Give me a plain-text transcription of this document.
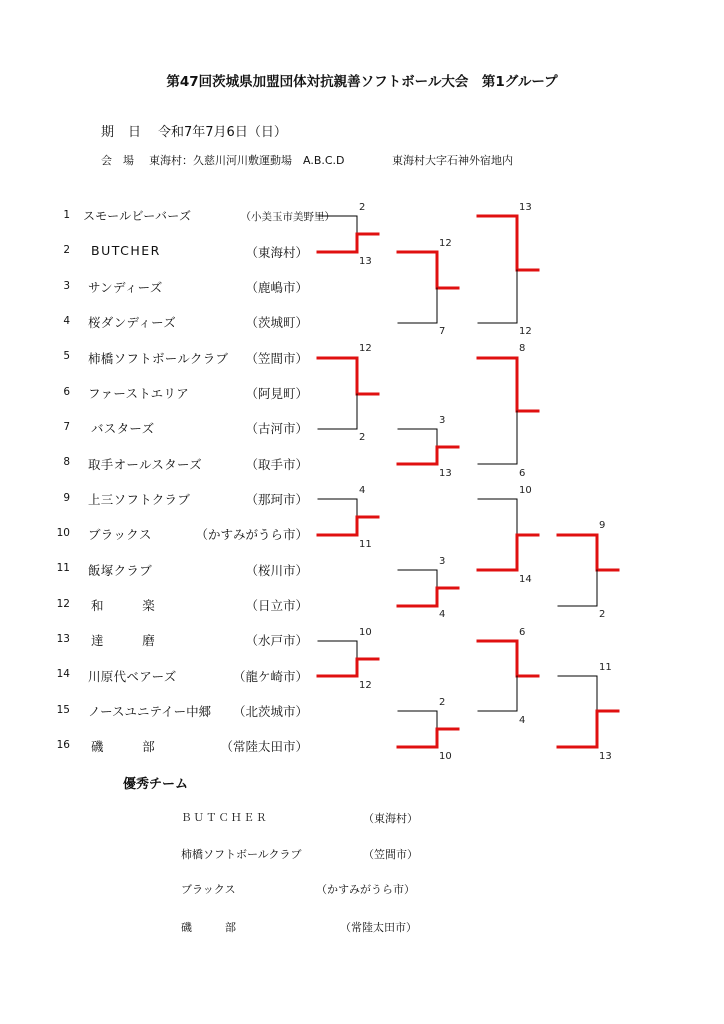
第47回茨城県加盟団体対抗親善ソフトボール大会　第1グループ
期　日 令和7年7月6日（日）
会　場 東海村：久慈川河川敷運動場　A.B.C.D	東海村大字石神外宿地内
1 スモールビーバーズ	（小美玉市美野里）
2 BUTCHER	（東海村）
3 サンディーズ	（鹿嶋市）
4 桜ダンディーズ	（茨城町）
5 柿橋ソフトボールクラブ	（笠間市）
6 ファーストエリア	（阿見町）
7 バスターズ	（古河市）
8 取手オールスターズ	（取手市）
9 上三ソフトクラブ	（那珂市）
10 ブラックス	（かすみがうら市）
11 飯塚クラブ	（桜川市）
12 和　　　楽	（日立市）
13 達　　　磨	（水戸市）
14 川原代ベアーズ	（龍ケ崎市）
15 ノースユニテイー中郷	（北茨城市）
16 磯　　　部	（常陸太田市）
2
13
12
2
4
11
10
12
12
7
3
13
3
4
2
10
13
12
8
6
10
14
6
4
9
2
11
13
優秀チーム
ＢＵＴＣＨＥＲ	（東海村）
柿橋ソフトボールクラブ	（笠間市）
ブラックス	（かすみがうら市）
磯　　　部	（常陸太田市）
